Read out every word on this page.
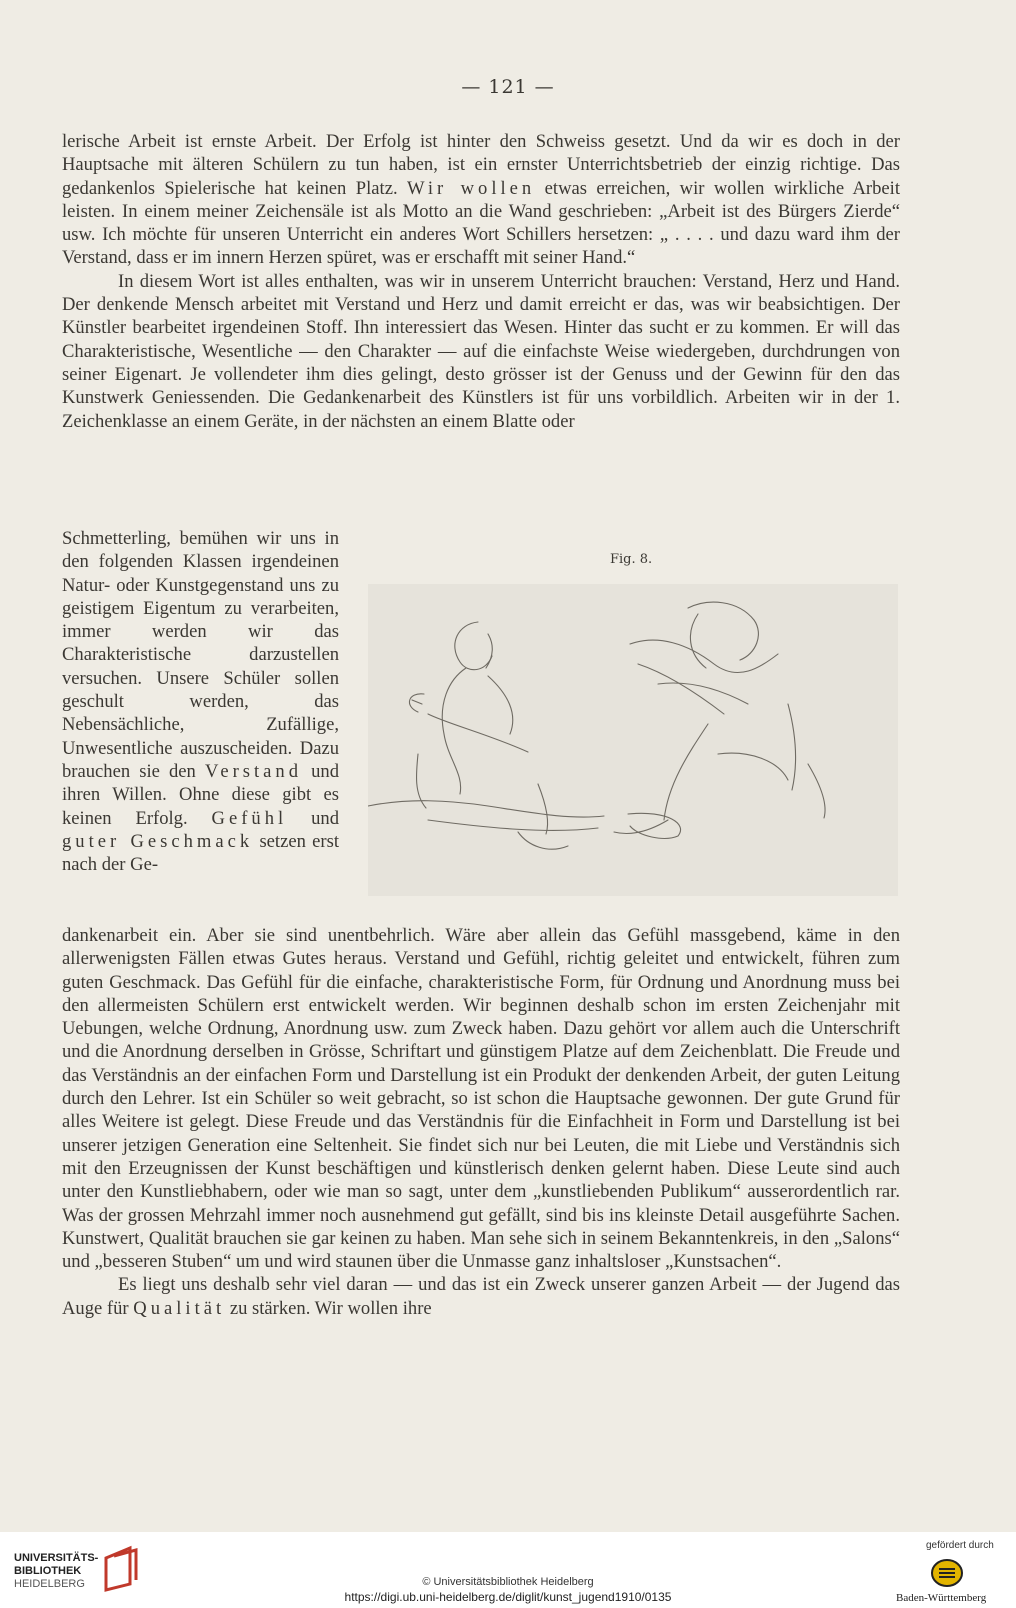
— 121 —

lerische Arbeit ist ernste Arbeit. Der Erfolg ist hinter den Schweiss gesetzt. Und da wir es doch in der Hauptsache mit älteren Schülern zu tun haben, ist ein ernster Unterrichtsbetrieb der einzig richtige. Das gedankenlos Spielerische hat keinen Platz. Wir wollen etwas erreichen, wir wollen wirkliche Arbeit leisten. In einem meiner Zeichensäle ist als Motto an die Wand geschrieben: „Arbeit ist des Bürgers Zierde“ usw. Ich möchte für unseren Unterricht ein anderes Wort Schillers hersetzen: „ . . . . und dazu ward ihm der Verstand, dass er im innern Herzen spüret, was er erschafft mit seiner Hand.“

In diesem Wort ist alles enthalten, was wir in unserem Unterricht brauchen: Verstand, Herz und Hand. Der denkende Mensch arbeitet mit Verstand und Herz und damit erreicht er das, was wir beabsichtigen. Der Künstler bearbeitet irgendeinen Stoff. Ihn interessiert das Wesen. Hinter das sucht er zu kommen. Er will das Charakteristische, Wesentliche — den Charakter — auf die einfachste Weise wiedergeben, durchdrungen von seiner Eigenart. Je vollendeter ihm dies gelingt, desto grösser ist der Genuss und der Gewinn für den das Kunstwerk Geniessenden. Die Gedankenarbeit des Künstlers ist für uns vorbildlich. Arbeiten wir in der 1. Zeichenklasse an einem Geräte, in der nächsten an einem Blatte oder

Schmetterling, bemühen wir uns in den folgenden Klassen irgendeinen Natur- oder Kunstgegenstand uns zu geistigem Eigentum zu verarbeiten, immer werden wir das Charakteristische darzustellen versuchen. Unsere Schüler sollen geschult werden, das Nebensächliche, Zufällige, Unwesentliche auszuscheiden. Dazu brauchen sie den Verstand und ihren Willen. Ohne diese gibt es keinen Erfolg. Gefühl und guter Geschmack setzen erst nach der Ge-

Fig. 8.

dankenarbeit ein. Aber sie sind unentbehrlich. Wäre aber allein das Gefühl massgebend, käme in den allerwenigsten Fällen etwas Gutes heraus. Verstand und Gefühl, richtig geleitet und entwickelt, führen zum guten Geschmack. Das Gefühl für die einfache, charakteristische Form, für Ordnung und Anordnung muss bei den allermeisten Schülern erst entwickelt werden. Wir beginnen deshalb schon im ersten Zeichenjahr mit Uebungen, welche Ordnung, Anordnung usw. zum Zweck haben. Dazu gehört vor allem auch die Unterschrift und die Anordnung derselben in Grösse, Schriftart und günstigem Platze auf dem Zeichenblatt. Die Freude und das Verständnis an der einfachen Form und Darstellung ist ein Produkt der denkenden Arbeit, der guten Leitung durch den Lehrer. Ist ein Schüler so weit gebracht, so ist schon die Hauptsache gewonnen. Der gute Grund für alles Weitere ist gelegt. Diese Freude und das Verständnis für die Einfachheit in Form und Darstellung ist bei unserer jetzigen Generation eine Seltenheit. Sie findet sich nur bei Leuten, die mit Liebe und Verständnis sich mit den Erzeugnissen der Kunst beschäftigen und künstlerisch denken gelernt haben. Diese Leute sind auch unter den Kunstliebhabern, oder wie man so sagt, unter dem „kunstliebenden Publikum“ ausserordentlich rar. Was der grossen Mehrzahl immer noch ausnehmend gut gefällt, sind bis ins kleinste Detail ausgeführte Sachen. Kunstwert, Qualität brauchen sie gar keinen zu haben. Man sehe sich in seinem Bekanntenkreis, in den „Salons“ und „besseren Stuben“ um und wird staunen über die Unmasse ganz inhaltsloser „Kunstsachen“.

Es liegt uns deshalb sehr viel daran — und das ist ein Zweck unserer ganzen Arbeit — der Jugend das Auge für Qualität zu stärken. Wir wollen ihre

UNIVERSITÄTS-
BIBLIOTHEK
HEIDELBERG	© Universitätsbibliothek Heidelberg
https://digi.ub.uni-heidelberg.de/diglit/kunst_jugend1910/0135
gefördert durch
Baden-Württemberg
